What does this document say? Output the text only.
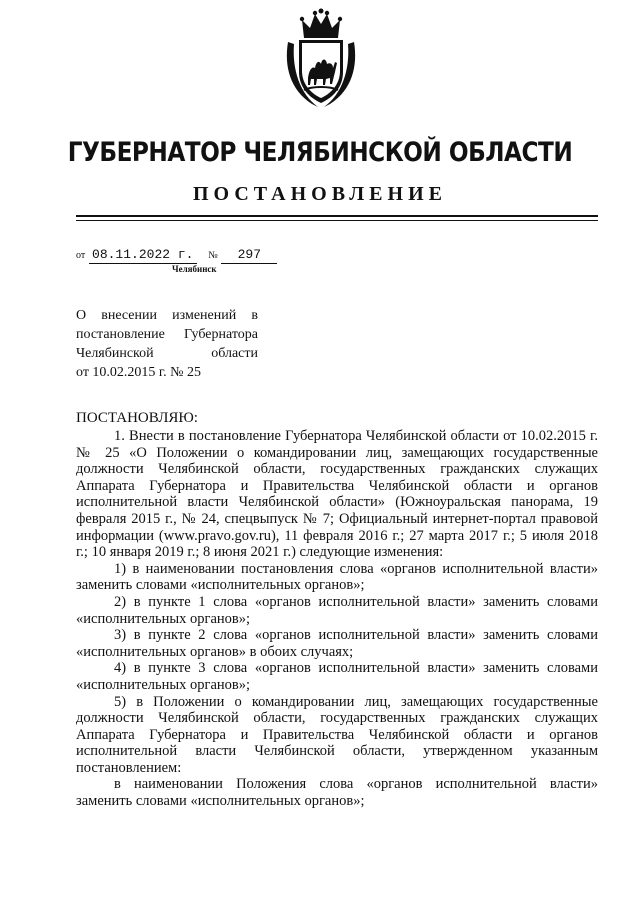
ГУБЕРНАТОР ЧЕЛЯБИНСКОЙ ОБЛАСТИ
ПОСТАНОВЛЕНИЕ
от 08.11.2022 г. № 297
Челябинск
О внесении изменений в
постановление Губернатора
Челябинской области
от 10.02.2015 г. № 25
ПОСТАНОВЛЯЮ:

1. Внести в постановление Губернатора Челябинской области от 10.02.2015 г. № 25 «О Положении о командировании лиц, замещающих государственные должности Челябинской области, государственных гражданских служащих Аппарата Губернатора и Правительства Челябинской области и органов исполнительной власти Челябинской области» (Южноуральская панорама, 19 февраля 2015 г., № 24, спецвыпуск № 7; Официальный интернет-портал правовой информации (www.pravo.gov.ru), 11 февраля 2016 г.; 27 марта 2017 г.; 5 июля 2018 г.; 10 января 2019 г.; 8 июня 2021 г.) следующие изменения:

1) в наименовании постановления слова «органов исполнительной власти» заменить словами «исполнительных органов»;

2) в пункте 1 слова «органов исполнительной власти» заменить словами «исполнительных органов»;

3) в пункте 2 слова «органов исполнительной власти» заменить словами «исполнительных органов» в обоих случаях;

4) в пункте 3 слова «органов исполнительной власти» заменить словами «исполнительных органов»;

5) в Положении о командировании лиц, замещающих государственные должности Челябинской области, государственных гражданских служащих Аппарата Губернатора и Правительства Челябинской области и органов исполнительной власти Челябинской области, утвержденном указанным постановлением:

в наименовании Положения слова «органов исполнительной власти» заменить словами «исполнительных органов»;
